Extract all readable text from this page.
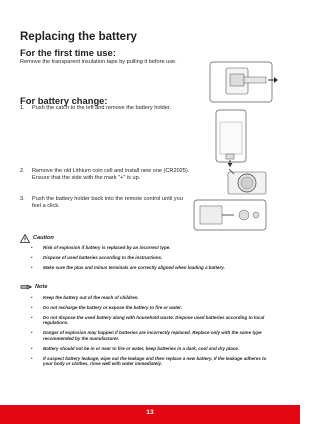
Replacing the battery
For the first time use:
Remove the transparent insulation tape by pulling it before use.
For battery change:
1. Push the catch to the left and remove the battery holder.
2. Remove the old Lithium coin cell and install new one (CR2025). Ensure that the side with the mark "+" is up.
3. Push the battery holder back into the remote control until you feel a click.
Caution
• Risk of explosion if battery is replaced by an incorrect type.
• Dispose of used batteries according to the instructions.
• Make sure the plus and minus terminals are correctly aligned when loading a battery.
Note
• Keep the battery out of the reach of children.
• Do not recharge the battery or expose the battery to fire or water.
• Do not dispose the used battery along with household waste. Dispose used batteries according to local regulations.
• Danger of explosion may happen if batteries are incorrectly replaced. Replace only with the same type recommended by the manufacturer.
• Battery should not be in or near to fire or water, keep batteries in a dark, cool and dry place.
• If suspect battery leakage, wipe out the leakage and then replace a new battery. If the leakage adheres to your body or clothes, rinse well with water immediately.
13
